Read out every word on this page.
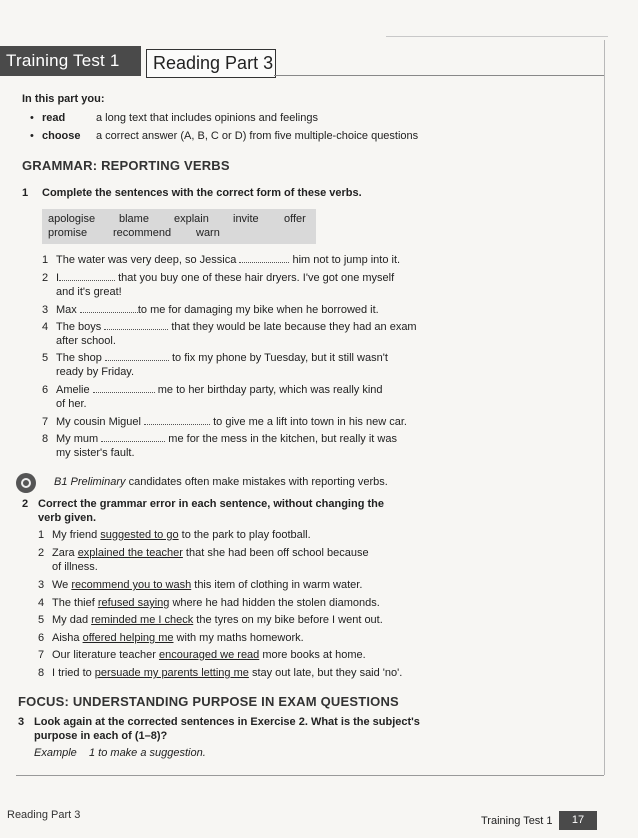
Training Test 1 Reading Part 3
In this part you:
• read	a long text that includes opinions and feelings
• choose a correct answer (A, B, C or D) from five multiple-choice questions
GRAMMAR: REPORTING VERBS
1 Complete the sentences with the correct form of these verbs.
apologise blame explain invite offer
promise recommend warn
1 The water was very deep, so Jessica	him not to jump into it.
2 I	that you buy one of these hair dryers. I've got one myself
and it's great!
3 Max	to me for damaging my bike when he borrowed it.
4 The boys	that they would be late because they had an exam
after school.
5 The shop	to fix my phone by Tuesday, but it still wasn't
ready by Friday.
6 Amelie	me to her birthday party, which was really kind
of her.
7 My cousin Miguel	to give me a lift into town in his new car.
8 My mum	me for the mess in the kitchen, but really it was
my sister's fault.
B1 Preliminary candidates often make mistakes with reporting verbs.
2 Correct the grammar error in each sentence, without changing the
verb given.
1 My friend suggested to go to the park to play football.
2 Zara explained the teacher that she had been off school because
of illness.
3 We recommend you to wash this item of clothing in warm water.
4 The thief refused saying where he had hidden the stolen diamonds.
5 My dad reminded me I check the tyres on my bike before I went out.
6 Aisha offered helping me with my maths homework.
7 Our literature teacher encouraged we read more books at home.
8 I tried to persuade my parents letting me stay out late, but they said 'no'.
FOCUS: UNDERSTANDING PURPOSE IN EXAM QUESTIONS
3 Look again at the corrected sentences in Exercise 2. What is the subject's
purpose in each of (1–8)?
Example 1 to make a suggestion.
Reading Part 3	Training Test 1	17
